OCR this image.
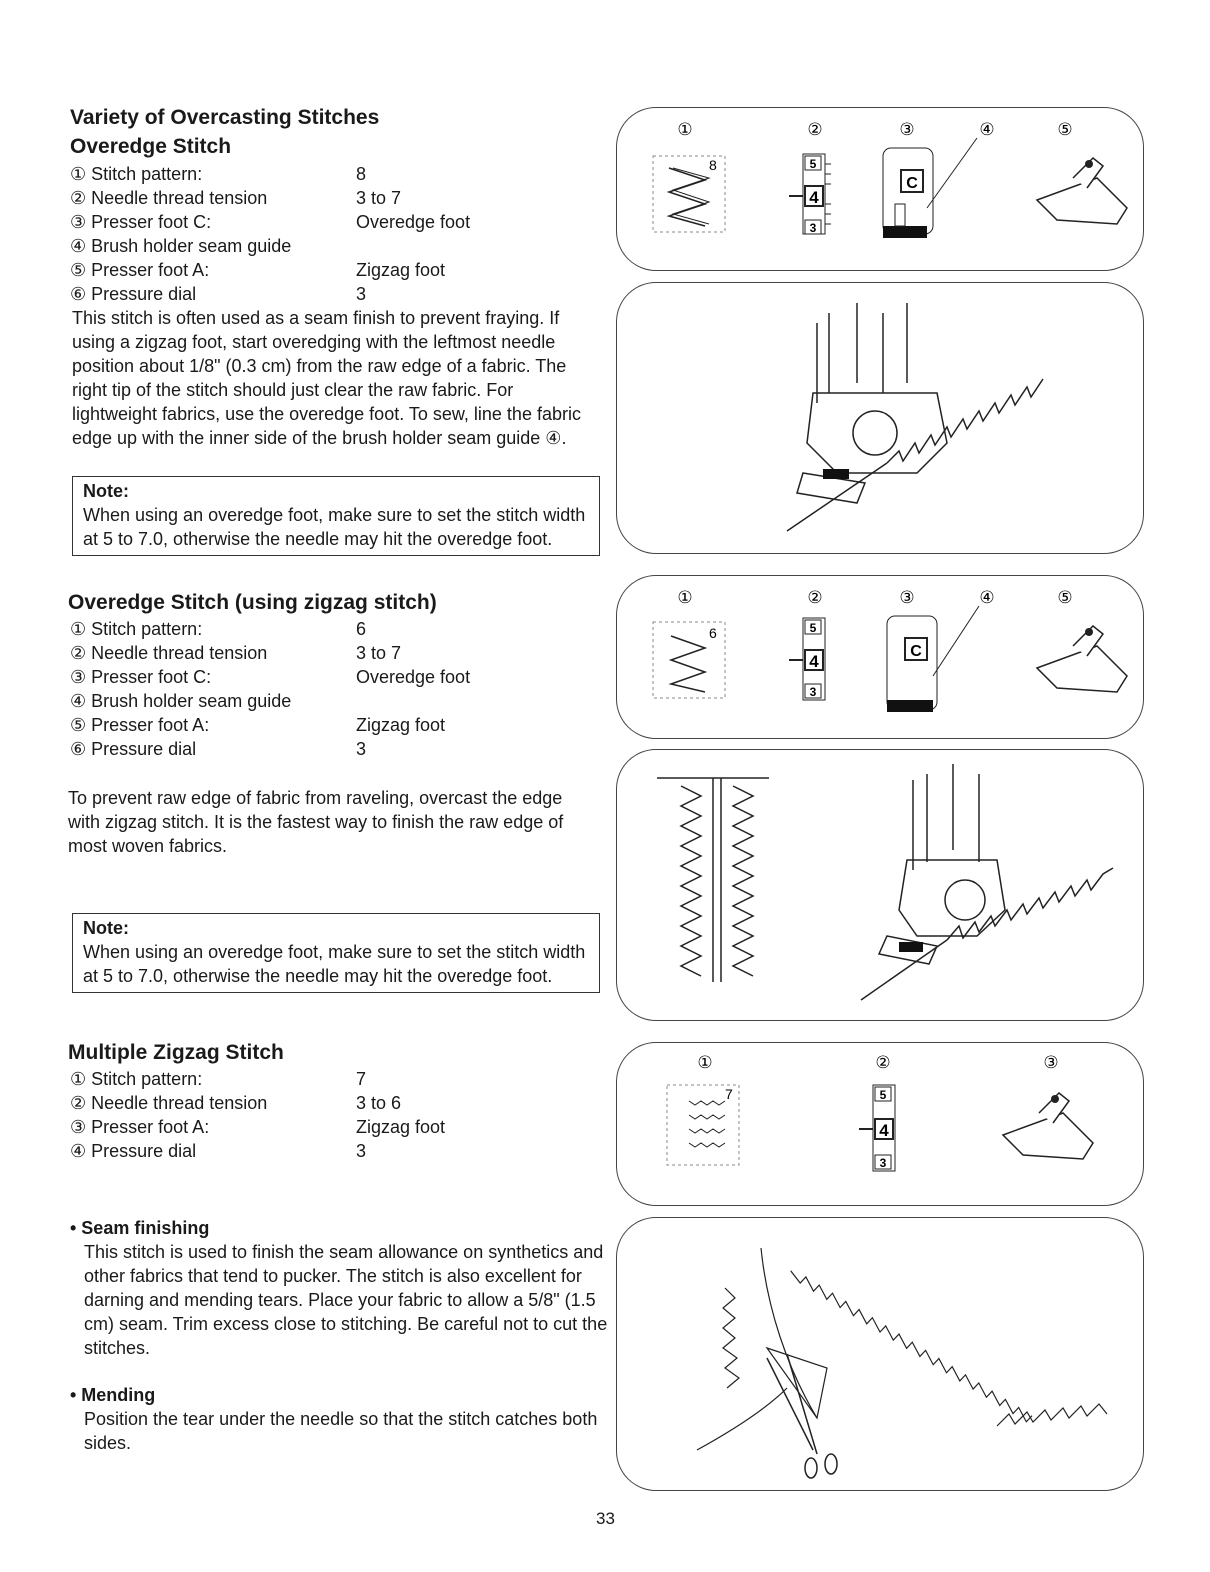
Variety of Overcasting Stitches
Overedge Stitch
① Stitch pattern:	8
② Needle thread tension	3 to 7
③ Presser foot C:	Overedge foot
④ Brush holder seam guide
⑤ Presser foot A:	Zigzag foot
⑥ Pressure dial	3
This stitch is often used as a seam finish to prevent fraying. If using a zigzag foot, start overedging with the leftmost needle position about 1/8" (0.3 cm) from the raw edge of a fabric. The right tip of the stitch should just clear the raw fabric. For lightweight fabrics, use the overedge foot. To sew, line the fabric edge up with the inner side of the brush holder seam guide ④.
Note:
When using an overedge foot, make sure to set the stitch width at 5 to 7.0, otherwise the needle may hit the overedge foot.
Overedge Stitch (using zigzag stitch)
① Stitch pattern:	6
② Needle thread tension	3 to 7
③ Presser foot C:	Overedge foot
④ Brush holder seam guide
⑤ Presser foot A:	Zigzag foot
⑥ Pressure dial	3
To prevent raw edge of fabric from raveling, overcast the edge with zigzag stitch. It is the fastest way to finish the raw edge of most woven fabrics.
Note:
When using an overedge foot, make sure to set the stitch width at 5 to 7.0, otherwise the needle may hit the overedge foot.
Multiple Zigzag Stitch
① Stitch pattern:	7
② Needle thread tension	3 to 6
③ Presser foot A:	Zigzag foot
④ Pressure dial	3
• Seam finishing
This stitch is used to finish the seam allowance on synthetics and other fabrics that tend to pucker. The stitch is also excellent for darning and mending tears. Place your fabric to allow a 5/8" (1.5 cm) seam. Trim excess close to stitching. Be careful not to cut the stitches.
• Mending
Position the tear under the needle so that the stitch catches both sides.
①	②	③	④	⑤
8	5
4
3
C
①	②	③	④	⑤
6	5
4
3
C
①	②	③
7	5
4
3
33
